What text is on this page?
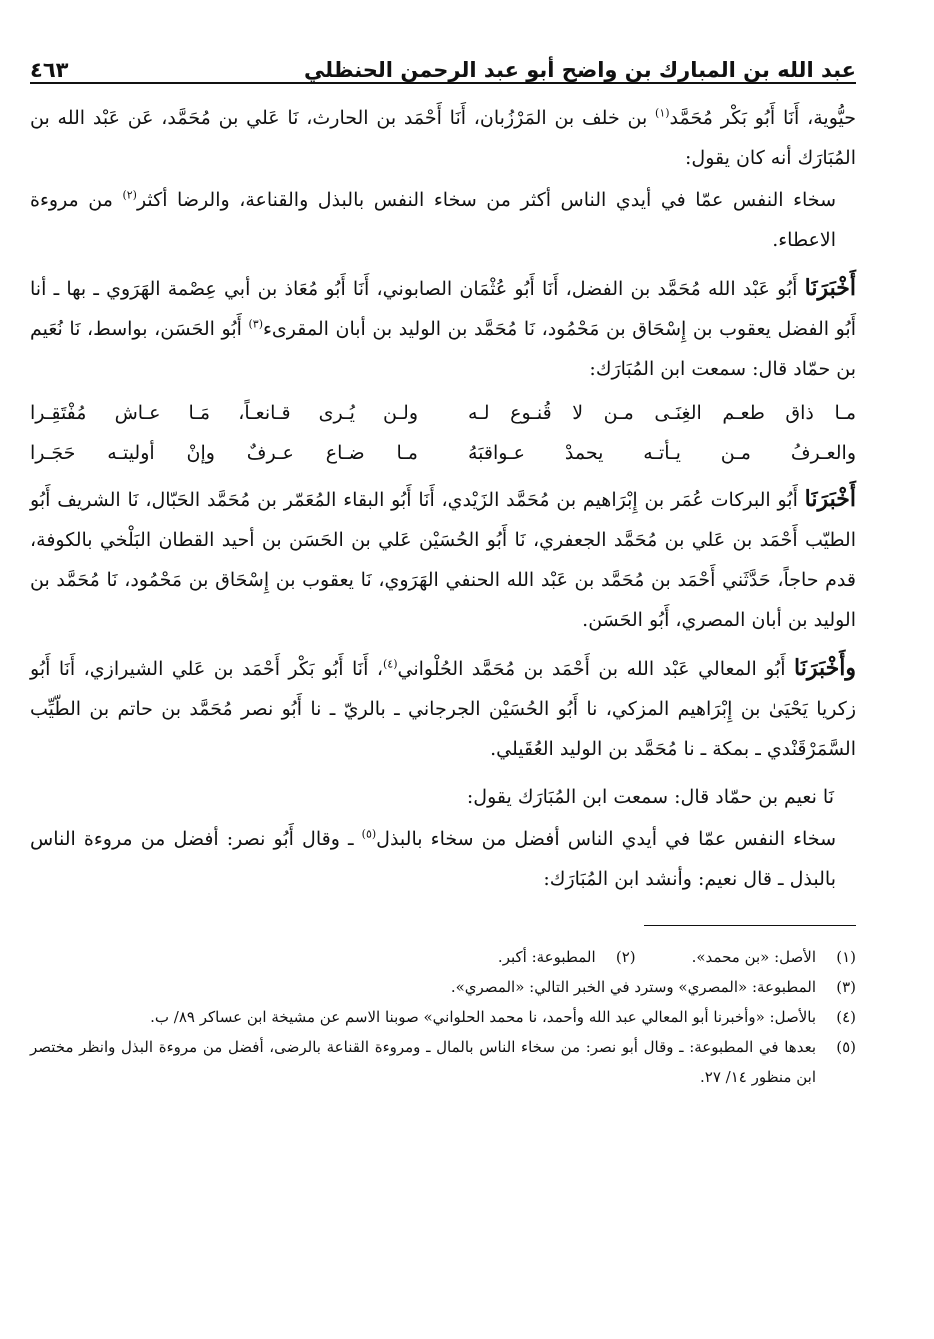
عبد الله بن المبارك بن واضح أبو عبد الرحمن الحنظلي
٤٦٣

حيُّوية، أَنَا أَبُو بَكْر مُحَمَّد$^{(١)}$ بن خلف بن المَرْزُبان، أَنَا أَحْمَد بن الحارث، نَا عَلي بن مُحَمَّد، عَن عَبْد الله بن المُبَارَك أنه كان يقول:

سخاء النفس عمّا في أيدي الناس أكثر من سخاء النفس بالبذل والقناعة، والرضا أكثر$^{(٢)}$ من مروءة الاعطاء.

أَخْبَرَنَا أَبُو عَبْد الله مُحَمَّد بن الفضل، أَنَا أَبُو عُثْمَان الصابوني، أَنَا أَبُو مُعَاذ بن أبي عِصْمة الهَرَوي ـ بها ـ أنا أَبُو الفضل يعقوب بن إِسْحَاق بن مَحْمُود، نَا مُحَمَّد بن الوليد بن أبان المقرىء$^{(٣)}$ أَبُو الحَسَن، بواسط، نَا نُعَيم بن حمّاد قال: سمعت ابن المُبَارَك:

مـا ذاق طعـم الغِنَـى مـن لا قُنـوع لـه
ولـن يُـرى قـانعـاً، مَـا عـاش مُفْتَقِـرا
والعـرفُ مـن يـأتـه يحمدْ عـواقبَهُ
مـا ضـاع عـرفٌ وإنْ أوليتـه حَجَـرا

أَخْبَرَنَا أَبُو البركات عُمَر بن إِبْرَاهيم بن مُحَمَّد الزَيْدي، أَنَا أَبُو البقاء المُعَمّر بن مُحَمَّد الحَبّال، نَا الشريف أَبُو الطيّب أَحْمَد بن عَلي بن مُحَمَّد الجعفري، نَا أَبُو الحُسَيْن عَلي بن الحَسَن بن أحيد القطان البَلْخي بالكوفة، قدم حاجاً، حَدَّثَني أَحْمَد بن مُحَمَّد بن عَبْد الله الحنفي الهَرَوي، نَا يعقوب بن إِسْحَاق بن مَحْمُود، نَا مُحَمَّد بن الوليد بن أبان المصري، أَبُو الحَسَن.

وأَخْبَرَنَا أَبُو المعالي عَبْد الله بن أَحْمَد بن مُحَمَّد الحُلْواني$^{(٤)}$، أَنَا أَبُو بَكْر أَحْمَد بن عَلي الشيرازي، أَنَا أَبُو زكريا يَحْيَىٰ بن إِبْرَاهيم المزكي، نا أَبُو الحُسَيْن الجرجاني ـ بالريّ ـ نا أَبُو نصر مُحَمَّد بن حاتم بن الطّيِّب السَّمَرْقَنْدي ـ بمكة ـ نا مُحَمَّد بن الوليد العُقَيلي.

نَا نعيم بن حمّاد قال: سمعت ابن المُبَارَك يقول:

سخاء النفس عمّا في أيدي الناس أفضل من سخاء بالبذل$^{(٥)}$ ـ وقال أَبُو نصر: أفضل من مروءة الناس بالبذل ـ قال نعيم: وأنشد ابن المُبَارَك:

(١)
الأصل: «بن محمد».
(٢)
المطبوعة: أكبر.
(٣)
المطبوعة: «المصري» وسترد في الخبر التالي: «المصري».
(٤)
بالأصل: «وأخبرنا أبو المعالي عبد الله وأحمد، نا محمد الحلواني» صوبنا الاسم عن مشيخة ابن عساكر ٨٩/ ب.
(٥)
بعدها في المطبوعة: ـ وقال أبو نصر: من سخاء الناس بالمال ـ ومروءة القناعة بالرضى، أفضل من مروءة البذل وانظر مختصر ابن منظور ١٤/ ٢٧.
